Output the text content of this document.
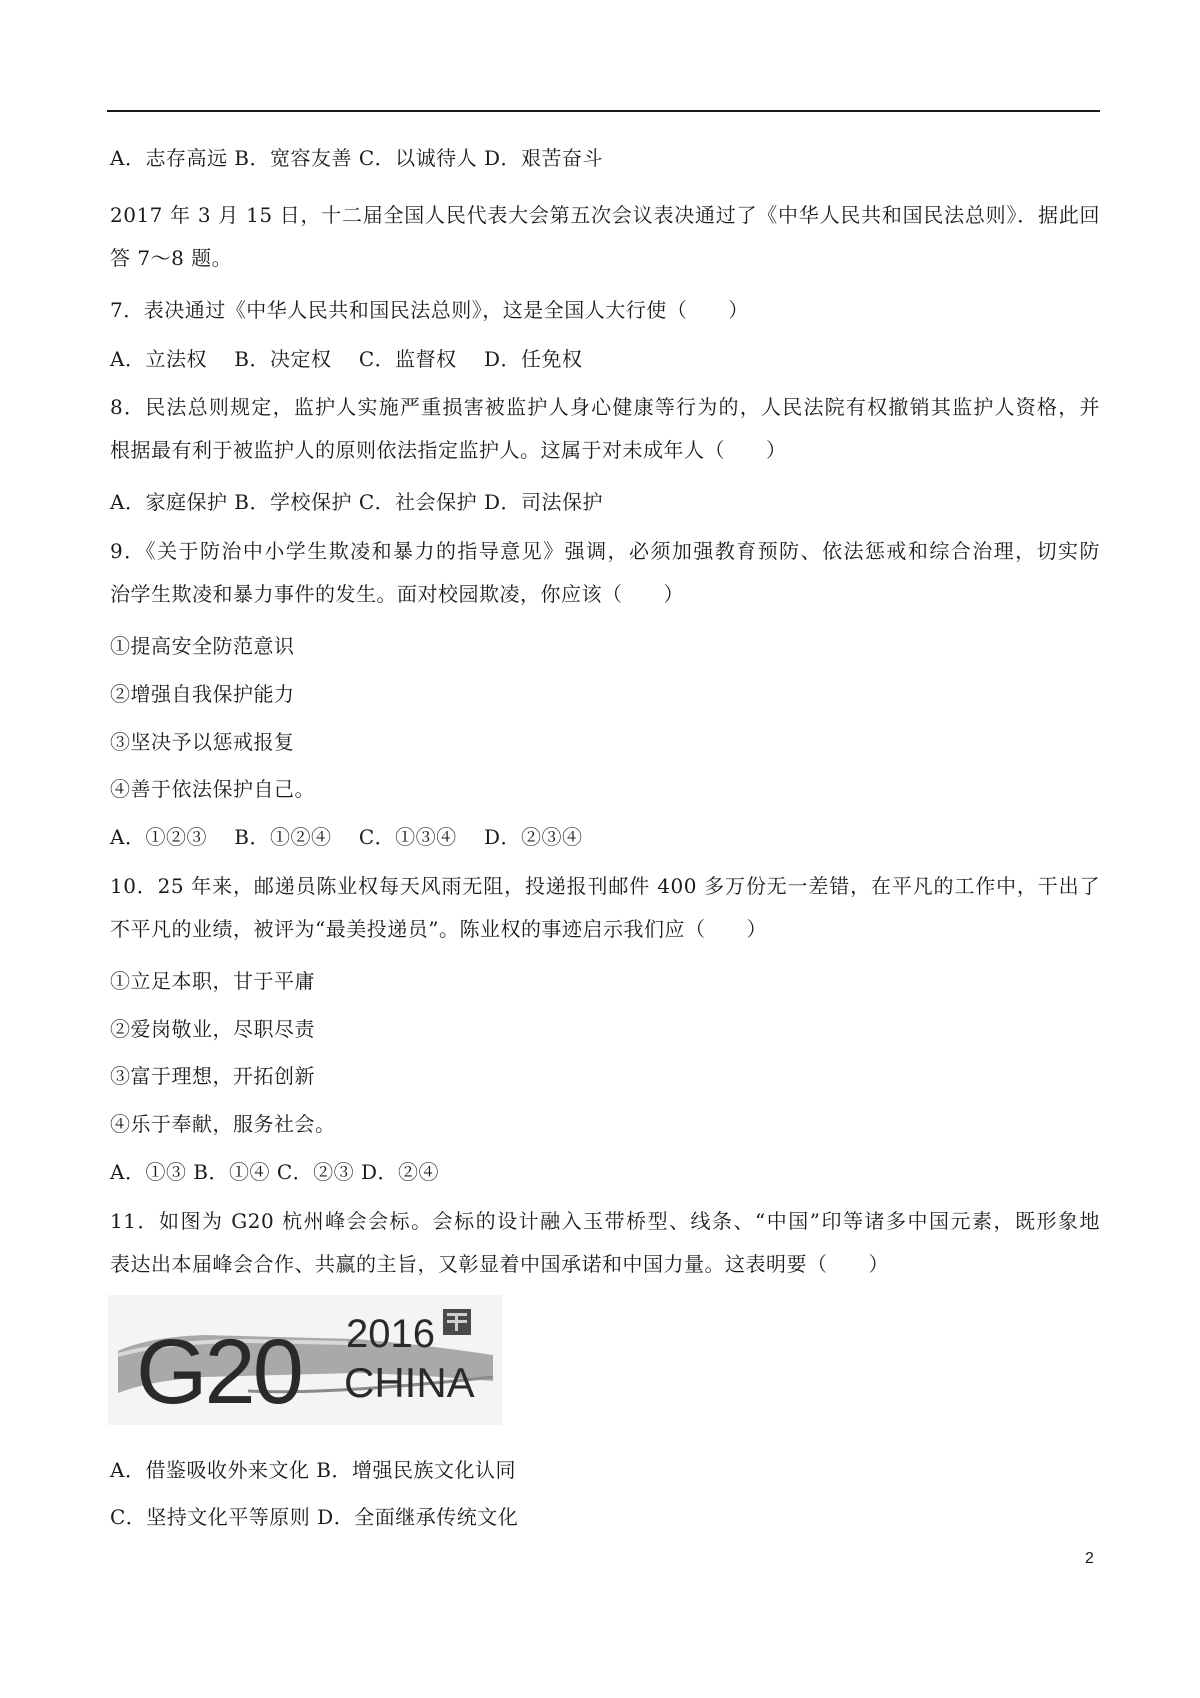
A．志存高远 B．宽容友善 C．以诚待人 D．艰苦奋斗
2017 年 3 月 15 日，十二届全国人民代表大会第五次会议表决通过了《中华人民共和国民法总则》．据此回
答 7～8 题。
7．表决通过《中华人民共和国民法总则》，这是全国人大行使（　　）
A．立法权　 B．决定权　 C．监督权　 D．任免权
8．民法总则规定，监护人实施严重损害被监护人身心健康等行为的，人民法院有权撤销其监护人资格，并
根据最有利于被监护人的原则依法指定监护人。这属于对未成年人（　　）
A．家庭保护 B．学校保护 C．社会保护 D．司法保护
9．《关于防治中小学生欺凌和暴力的指导意见》强调，必须加强教育预防、依法惩戒和综合治理，切实防
治学生欺凌和暴力事件的发生。面对校园欺凌，你应该（　　）
①提高安全防范意识
②增强自我保护能力
③坚决予以惩戒报复
④善于依法保护自己。
A．①②③　 B．①②④　 C．①③④　 D．②③④
10．25 年来，邮递员陈业权每天风雨无阻，投递报刊邮件 400 多万份无一差错，在平凡的工作中，干出了
不平凡的业绩，被评为“最美投递员”。陈业权的事迹启示我们应（　　）
①立足本职，甘于平庸
②爱岗敬业，尽职尽责
③富于理想，开拓创新
④乐于奉献，服务社会。
A．①③ B．①④ C．②③ D．②④
11．如图为 G20 杭州峰会会标。会标的设计融入玉带桥型、线条、“中国”印等诸多中国元素，既形象地
表达出本届峰会合作、共赢的主旨，又彰显着中国承诺和中国力量。这表明要（　　）
G20 2016
CHINA
A．借鉴吸收外来文化 B．增强民族文化认同
C．坚持文化平等原则 D．全面继承传统文化
2
